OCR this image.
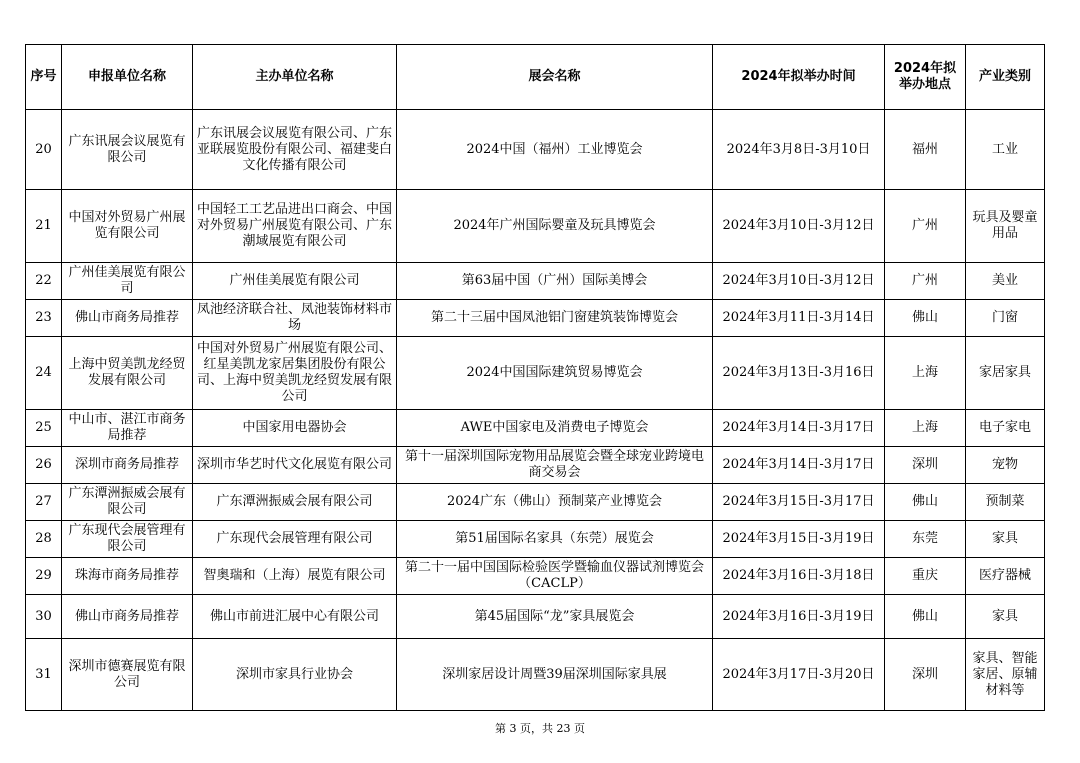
序号	申报单位名称	主办单位名称	展会名称	2024年拟举办时间	2024年拟举办地点	产业类别
20	广东讯展会议展览有限公司	广东讯展会议展览有限公司、广东亚联展览股份有限公司、福建斐白文化传播有限公司	2024中国（福州）工业博览会	2024年3月8日-3月10日	福州	工业
21	中国对外贸易广州展览有限公司	中国轻工工艺品进出口商会、中国对外贸易广州展览有限公司、广东潮域展览有限公司	2024年广州国际婴童及玩具博览会	2024年3月10日-3月12日	广州	玩具及婴童用品
22	广州佳美展览有限公司	广州佳美展览有限公司	第63届中国（广州）国际美博会	2024年3月10日-3月12日	广州	美业
23	佛山市商务局推荐	凤池经济联合社、凤池装饰材料市场	第二十三届中国凤池铝门窗建筑装饰博览会	2024年3月11日-3月14日	佛山	门窗
24	上海中贸美凯龙经贸发展有限公司	中国对外贸易广州展览有限公司、红星美凯龙家居集团股份有限公司、上海中贸美凯龙经贸发展有限公司	2024中国国际建筑贸易博览会	2024年3月13日-3月16日	上海	家居家具
25	中山市、湛江市商务局推荐	中国家用电器协会	AWE中国家电及消费电子博览会	2024年3月14日-3月17日	上海	电子家电
26	深圳市商务局推荐	深圳市华艺时代文化展览有限公司	第十一届深圳国际宠物用品展览会暨全球宠业跨境电商交易会	2024年3月14日-3月17日	深圳	宠物
27	广东潭洲振威会展有限公司	广东潭洲振威会展有限公司	2024广东（佛山）预制菜产业博览会	2024年3月15日-3月17日	佛山	预制菜
28	广东现代会展管理有限公司	广东现代会展管理有限公司	第51届国际名家具（东莞）展览会	2024年3月15日-3月19日	东莞	家具
29	珠海市商务局推荐	智奥瑞和（上海）展览有限公司	第二十一届中国国际检验医学暨输血仪器试剂博览会（CACLP）	2024年3月16日-3月18日	重庆	医疗器械
30	佛山市商务局推荐	佛山市前进汇展中心有限公司	第45届国际“龙”家具展览会	2024年3月16日-3月19日	佛山	家具
31	深圳市德赛展览有限公司	深圳市家具行业协会	深圳家居设计周暨39届深圳国际家具展	2024年3月17日-3月20日	深圳	家具、智能家居、原辅材料等
第 3 页，共 23 页
